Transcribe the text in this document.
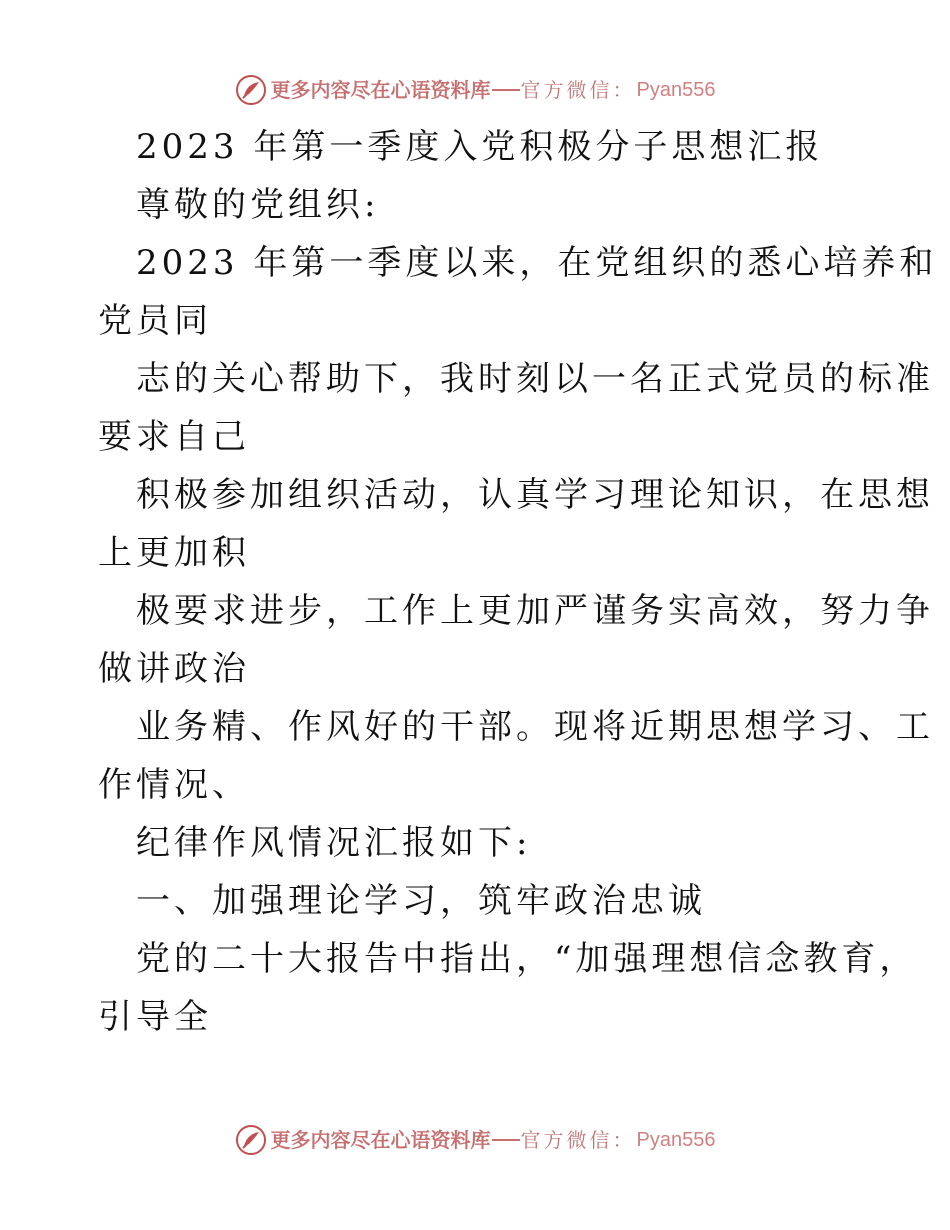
更多内容尽在心语资料库 官方微信 ： Pyan556
2023 年第一季度入党积极分子思想汇报
尊敬的党组织:
2023 年第一季度以来，在党组织的悉心培养和
党员同
志的关心帮助下，我时刻以一名正式党员的标准
要求自己
积极参加组织活动，认真学习理论知识，在思想
上更加积
极要求进步，工作上更加严谨务实高效，努力争
做讲政治
业务精、作风好的干部。现将近期思想学习、工
作情况、
纪律作风情况汇报如下:
一、加强理论学习，筑牢政治忠诚
党的二十大报告中指出，“加强理想信念教育，
引导全
更多内容尽在心语资料库 官方微信 ： Pyan556
